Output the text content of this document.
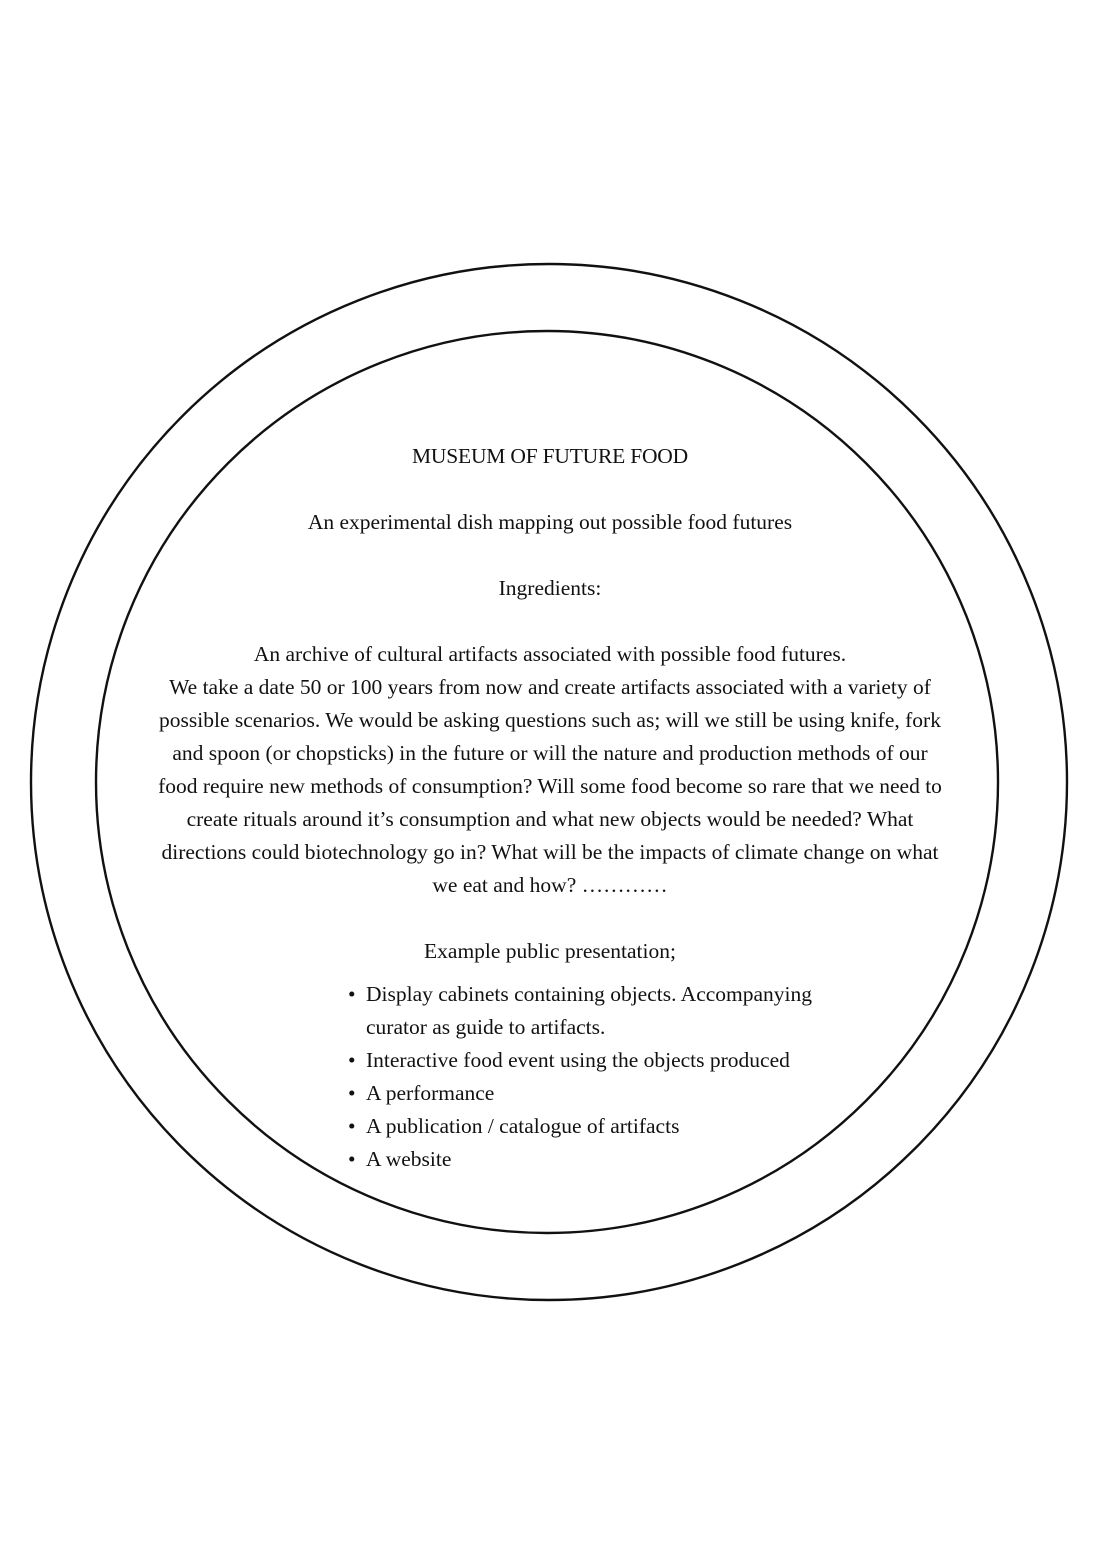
MUSEUM OF FUTURE FOOD

An experimental dish mapping out possible food futures

Ingredients:

An archive of cultural artifacts associated with possible food futures.

We take a date 50 or 100 years from now and create artifacts associated with a variety of possible scenarios. We would be asking questions such as; will we still be using knife, fork and spoon (or chopsticks) in the future or will the nature and production methods of our food require new methods of consumption? Will some food become so rare that we need to create rituals around it’s consumption and what new objects would be needed? What directions could biotechnology go in? What will be the impacts of climate change on what we eat and how? …………

Example public presentation;

• Display cabinets containing objects. Accompanying curator as guide to artifacts.
• Interactive food event using the objects produced
• A performance
• A publication / catalogue of artifacts
• A website
